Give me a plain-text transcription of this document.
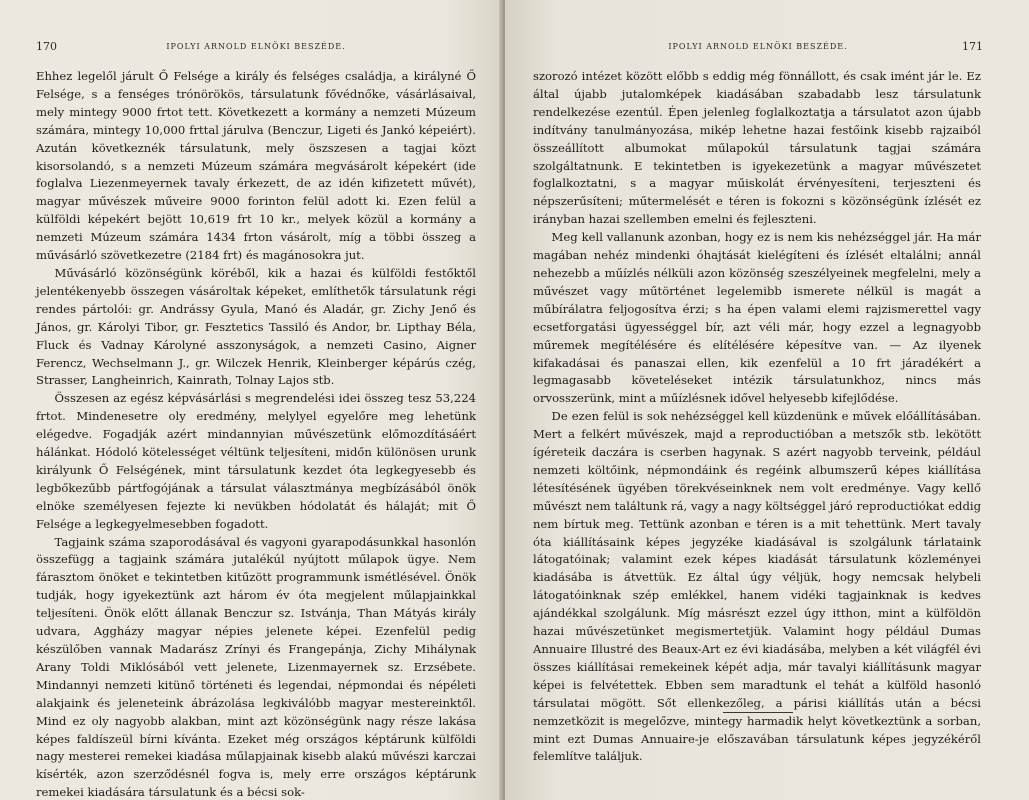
170	IPOLYI ARNOLD ELNÖKI BESZÉDE.

Ehhez legelől járult Ő Felsége a király és felséges családja, a királyné Ő Felsége, s a fenséges trónörökös, társulatunk fővédnőke, vásárlásaival, mely mintegy 9000 frtot tett. Következett a kormány a nemzeti Múzeum számára, mintegy 10,000 frttal járulva (Benczur, Ligeti és Jankó képeiért). Azután következnék társulatunk, mely öszszesen a tagjai közt kisorsolandó, s a nemzeti Múzeum számára megvásárolt képekért (ide foglalva Liezenmeyernek tavaly érkezett, de az idén kifizetett művét), magyar művészek műveire 9000 forinton felül adott ki. Ezen felül a külföldi képekért bejött 10,619 frt 10 kr., melyek közül a kormány a nemzeti Múzeum számára 1434 frton vásárolt, míg a többi összeg a művásárló szövetkezetre (2184 frt) és magánosokra jut.

Művásárló közönségünk köréből, kik a hazai és külföldi festőktől jelentékenyebb összegen vásároltak képeket, említhetők társulatunk régi rendes pártolói: gr. Andrássy Gyula, Manó és Aladár, gr. Zichy Jenő és János, gr. Károlyi Tibor, gr. Fesztetics Tassiló és Andor, br. Lipthay Béla, Fluck és Vadnay Károlyné asszonyságok, a nemzeti Casino, Aigner Ferencz, Wechselmann J., gr. Wilczek Henrik, Kleinberger képárús czég, Strasser, Langheinrich, Kainrath, Tolnay Lajos stb.

Összesen az egész képvásárlási s megrendelési idei összeg tesz 53,224 frtot. Mindenesetre oly eredmény, melylyel egyelőre meg lehetünk elégedve. Fogadják azért mindannyian művészetünk előmozdításáért hálánkat. Hódoló kötelességet véltünk teljesíteni, midőn különösen urunk királyunk Ő Felségének, mint társulatunk kezdet óta legkegyesebb és legbőkezűbb pártfogójának a társulat választmánya megbízásából önök elnöke személyesen fejezte ki nevükben hódolatát és hálaját; mit Ő Felsége a legkegyelmesebben fogadott.

Tagjaink száma szaporodásával és vagyoni gyarapodásunkkal hasonlón összefügg a tagjaink számára jutalékúl nyújtott műlapok ügye. Nem fárasztom önöket e tekintetben kitűzött programmunk ismétlésével. Önök tudják, hogy igyekeztünk azt három év óta megjelent műlapjainkkal teljesíteni. Önök előtt állanak Benczur sz. Istvánja, Than Mátyás király udvara, Aggházy magyar népies jelenete képei. Ezenfelül pedig készülőben vannak Madarász Zrínyi és Frangepánja, Zichy Mihálynak Arany Toldi Miklósából vett jelenete, Lizenmayernek sz. Erzsébete. Mindannyi nemzeti kitünő történeti és legendai, népmondai és népéleti alakjaink és jeleneteink ábrázolása legkiválóbb magyar mestereinktől. Mind ez oly nagyobb alakban, mint azt közönségünk nagy része lakása képes faldíszeül bírni kívánta. Ezeket még országos képtárunk külföldi nagy mesterei remekei kiadása műlapjainak kisebb alakú művészi karczai kísérték, azon szerződésnél fogva is, mely erre országos képtárunk remekei kiadására társulatunk és a bécsi sok-

IPOLYI ARNOLD ELNÖKI BESZÉDE.	171

szorozó intézet között előbb s eddig még fönnállott, és csak imént jár le. Ez által újabb jutalomképek kiadásában szabadabb lesz társulatunk rendelkezése ezentúl. Épen jelenleg foglalkoztatja a társulatot azon újabb indítvány tanulmányozása, mikép lehetne hazai festőink kisebb rajzaiból összeállított albumokat műlapokúl társulatunk tagjai számára szolgáltatnunk. E tekintetben is igyekezetünk a magyar művészetet foglalkoztatni, s a magyar műiskolát érvényesíteni, terjeszteni és népszerűsíteni; műtermelését e téren is fokozni s közönségünk ízlését ez irányban hazai szellemben emelni és fejleszteni.

Meg kell vallanunk azonban, hogy ez is nem kis nehézséggel jár. Ha már magában nehéz mindenki óhajtását kielégíteni és ízlését eltalálni; annál nehezebb a műízlés nélküli azon közönség szeszélyeinek megfelelni, mely a művészet vagy műtörténet legelemibb ismerete nélkül is magát a műbírálatra feljogosítva érzi; s ha épen valami elemi rajzismerettel vagy ecsetforgatási ügyességgel bír, azt véli már, hogy ezzel a legnagyobb műremek megítélésére és elítélésére képesítve van. — Az ilyenek kifakadásai és panaszai ellen, kik ezenfelül a 10 frt járadékért a legmagasabb követeléseket intézik társulatunkhoz, nincs más orvosszerünk, mint a műízlésnek idővel helyesebb kifejlődése.

De ezen felül is sok nehézséggel kell küzdenünk e művek előállításában. Mert a felkért művészek, majd a reproductióban a metszők stb. lekötött ígéreteik daczára is cserben hagynak. S azért nagyobb terveink, például nemzeti költőink, népmondáink és regéink albumszerű képes kiállítása létesítésének ügyében törekvéseinknek nem volt eredménye. Vagy kellő művészt nem találtunk rá, vagy a nagy költséggel járó reproductiókat eddig nem bírtuk meg. Tettünk azonban e téren is a mit tehettünk. Mert tavaly óta kiállításaink képes jegyzéke kiadásával is szolgálunk tárlataink látogatóinak; valamint ezek képes kiadását társulatunk közleményei kiadásába is átvettük. Ez által úgy véljük, hogy nemcsak helybeli látogatóinknak szép emlékkel, hanem vidéki tagjainknak is kedves ajándékkal szolgálunk. Míg másrészt ezzel úgy itthon, mint a külföldön hazai művészetünket megismertetjük. Valamint hogy például Dumas Annuaire Illustré des Beaux-Art ez évi kiadásába, melyben a két világfél évi összes kiállításai remekeinek képét adja, már tavalyi kiállításunk magyar képei is felvétettek. Ebben sem maradtunk el tehát a külföld hasonló társulatai mögött. Sőt ellenkezőleg, a párisi kiállítás után a bécsi nemzetközit is megelőzve, mintegy harmadik helyt következtünk a sorban, mint ezt Dumas Annuaire-je előszavában társulatunk képes jegyzékéről felemlítve találjuk.
